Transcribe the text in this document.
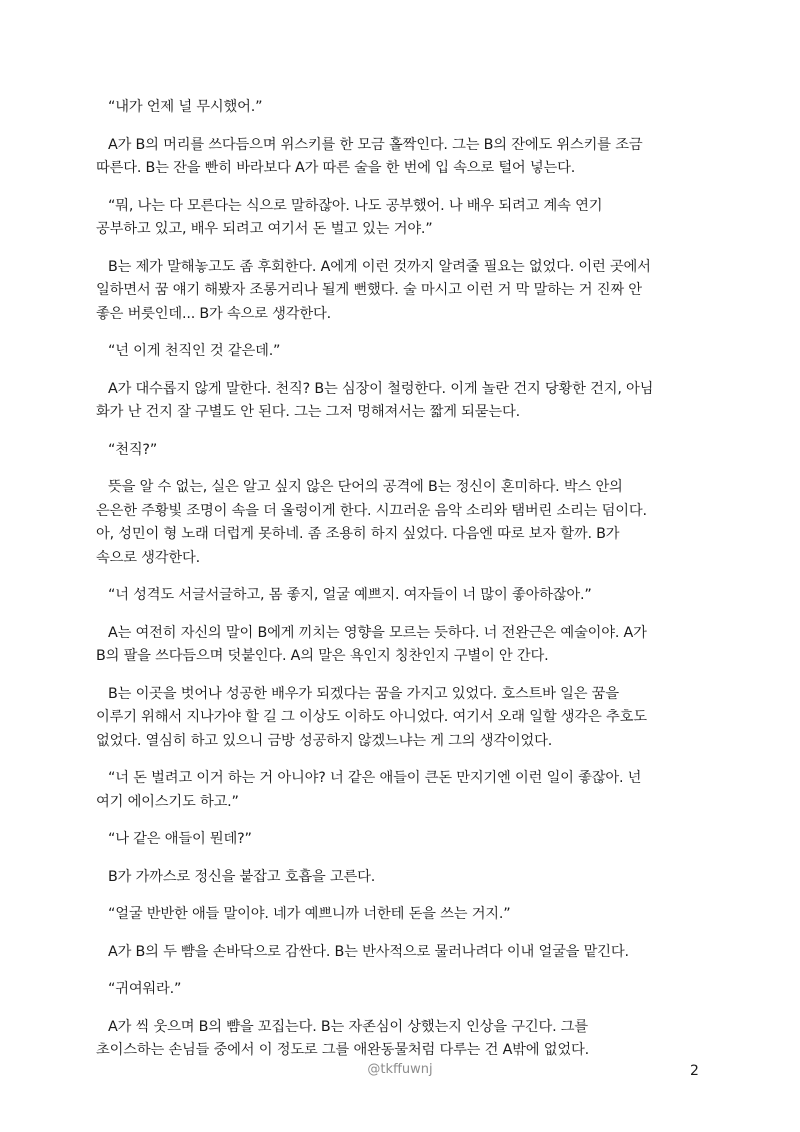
“내가 언제 널 무시했어.”

A가 B의 머리를 쓰다듬으며 위스키를 한 모금 홀짝인다. 그는 B의 잔에도 위스키를 조금
따른다. B는 잔을 빤히 바라보다 A가 따른 술을 한 번에 입 속으로 털어 넣는다.

“뭐, 나는 다 모른다는 식으로 말하잖아. 나도 공부했어. 나 배우 되려고 계속 연기
공부하고 있고, 배우 되려고 여기서 돈 벌고 있는 거야.”

B는 제가 말해놓고도 좀 후회한다. A에게 이런 것까지 알려줄 필요는 없었다. 이런 곳에서
일하면서 꿈 얘기 해봤자 조롱거리나 될게 뻔했다. 술 마시고 이런 거 막 말하는 거 진짜 안
좋은 버릇인데... B가 속으로 생각한다.

“넌 이게 천직인 것 같은데.”

A가 대수롭지 않게 말한다. 천직? B는 심장이 철렁한다. 이게 놀란 건지 당황한 건지, 아님
화가 난 건지 잘 구별도 안 된다. 그는 그저 멍해져서는 짧게 되묻는다.

“천직?”

뜻을 알 수 없는, 실은 알고 싶지 않은 단어의 공격에 B는 정신이 혼미하다. 박스 안의
은은한 주황빛 조명이 속을 더 울렁이게 한다. 시끄러운 음악 소리와 탬버린 소리는 덤이다.
아, 성민이 형 노래 더럽게 못하네. 좀 조용히 하지 싶었다. 다음엔 따로 보자 할까. B가
속으로 생각한다.

“너 성격도 서글서글하고, 몸 좋지, 얼굴 예쁘지. 여자들이 너 많이 좋아하잖아.”

A는 여전히 자신의 말이 B에게 끼치는 영향을 모르는 듯하다. 너 전완근은 예술이야. A가
B의 팔을 쓰다듬으며 덧붙인다. A의 말은 욕인지 칭찬인지 구별이 안 간다.

B는 이곳을 벗어나 성공한 배우가 되겠다는 꿈을 가지고 있었다. 호스트바 일은 꿈을
이루기 위해서 지나가야 할 길 그 이상도 이하도 아니었다. 여기서 오래 일할 생각은 추호도
없었다. 열심히 하고 있으니 금방 성공하지 않겠느냐는 게 그의 생각이었다.

“너 돈 벌려고 이거 하는 거 아니야? 너 같은 애들이 큰돈 만지기엔 이런 일이 좋잖아. 넌
여기 에이스기도 하고.”

“나 같은 애들이 뭔데?”

B가 가까스로 정신을 붙잡고 호흡을 고른다.

“얼굴 반반한 애들 말이야. 네가 예쁘니까 너한테 돈을 쓰는 거지.”

A가 B의 두 뺨을 손바닥으로 감싼다. B는 반사적으로 물러나려다 이내 얼굴을 맡긴다.

“귀여워라.”

A가 씩 웃으며 B의 뺨을 꼬집는다. B는 자존심이 상했는지 인상을 구긴다. 그를
초이스하는 손님들 중에서 이 정도로 그를 애완동물처럼 다루는 건 A밖에 없었다.

@tkffuwnj	2
